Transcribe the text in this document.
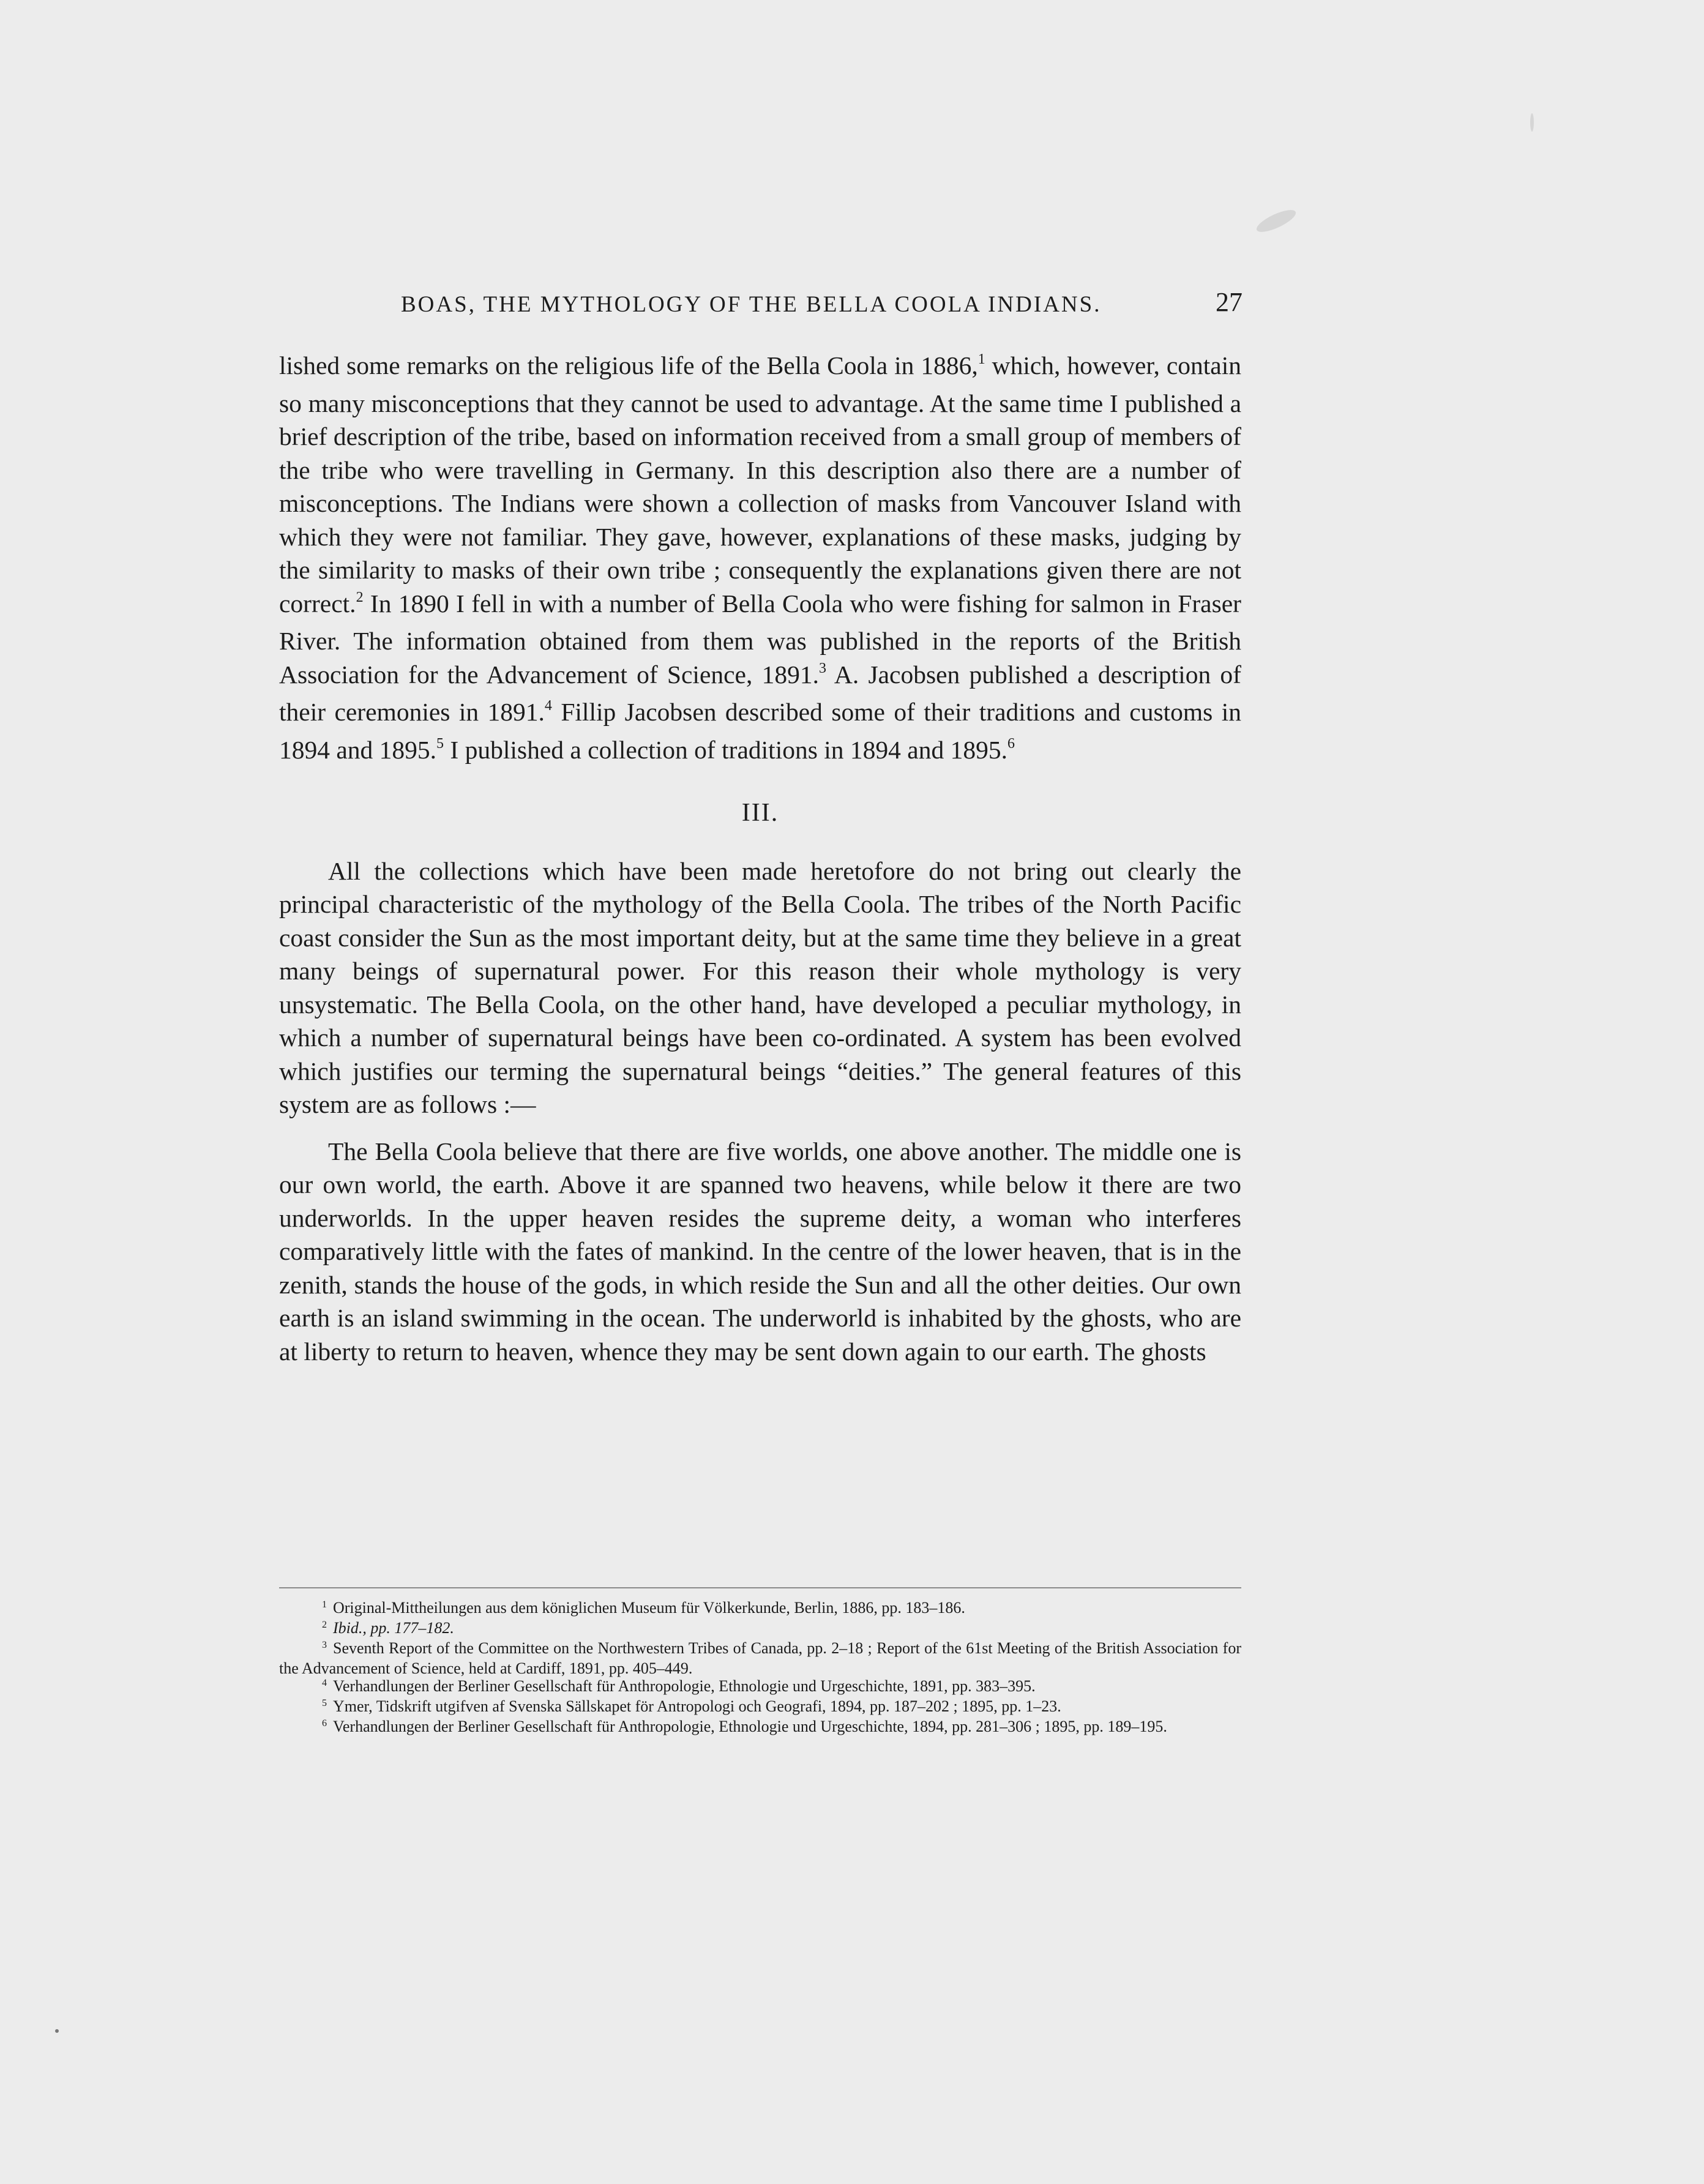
BOAS, THE MYTHOLOGY OF THE BELLA COOLA INDIANS.	27

lished some remarks on the religious life of the Bella Coola in 1886,$^1$ which, however, contain so many misconceptions that they cannot be used to advantage. At the same time I published a brief description of the tribe, based on information received from a small group of members of the tribe who were travelling in Germany. In this description also there are a number of misconceptions. The Indians were shown a collection of masks from Vancouver Island with which they were not familiar. They gave, however, explanations of these masks, judging by the similarity to masks of their own tribe ; consequently the explanations given there are not correct.$^2$ In 1890 I fell in with a number of Bella Coola who were fishing for salmon in Fraser River. The information obtained from them was published in the reports of the British Association for the Advancement of Science, 1891.$^3$ A. Jacobsen published a description of their ceremonies in 1891.$^4$ Fillip Jacobsen described some of their traditions and customs in 1894 and 1895.$^5$ I published a collection of traditions in 1894 and 1895.$^6$

III.

All the collections which have been made heretofore do not bring out clearly the principal characteristic of the mythology of the Bella Coola. The tribes of the North Pacific coast consider the Sun as the most important deity, but at the same time they believe in a great many beings of supernatural power. For this reason their whole mythology is very unsystematic. The Bella Coola, on the other hand, have developed a peculiar mythology, in which a number of supernatural beings have been co-ordinated. A system has been evolved which justifies our terming the supernatural beings “deities.” The general features of this system are as follows :—

The Bella Coola believe that there are five worlds, one above another. The middle one is our own world, the earth. Above it are spanned two heavens, while below it there are two underworlds. In the upper heaven resides the supreme deity, a woman who interferes comparatively little with the fates of mankind. In the centre of the lower heaven, that is in the zenith, stands the house of the gods, in which reside the Sun and all the other deities. Our own earth is an island swimming in the ocean. The underworld is inhabited by the ghosts, who are at liberty to return to heaven, whence they may be sent down again to our earth. The ghosts

$^1$ Original-Mittheilungen aus dem königlichen Museum für Völkerkunde, Berlin, 1886, pp. 183–186.

$^2$ Ibid., pp. 177–182.

$^3$ Seventh Report of the Committee on the Northwestern Tribes of Canada, pp. 2–18 ; Report of the 61st Meeting of the British Association for the Advancement of Science, held at Cardiff, 1891, pp. 405–449.

$^4$ Verhandlungen der Berliner Gesellschaft für Anthropologie, Ethnologie und Urgeschichte, 1891, pp. 383–395.

$^5$ Ymer, Tidskrift utgifven af Svenska Sällskapet för Antropologi och Geografi, 1894, pp. 187–202 ; 1895, pp. 1–23.

$^6$ Verhandlungen der Berliner Gesellschaft für Anthropologie, Ethnologie und Urgeschichte, 1894, pp. 281–306 ; 1895, pp. 189–195.
